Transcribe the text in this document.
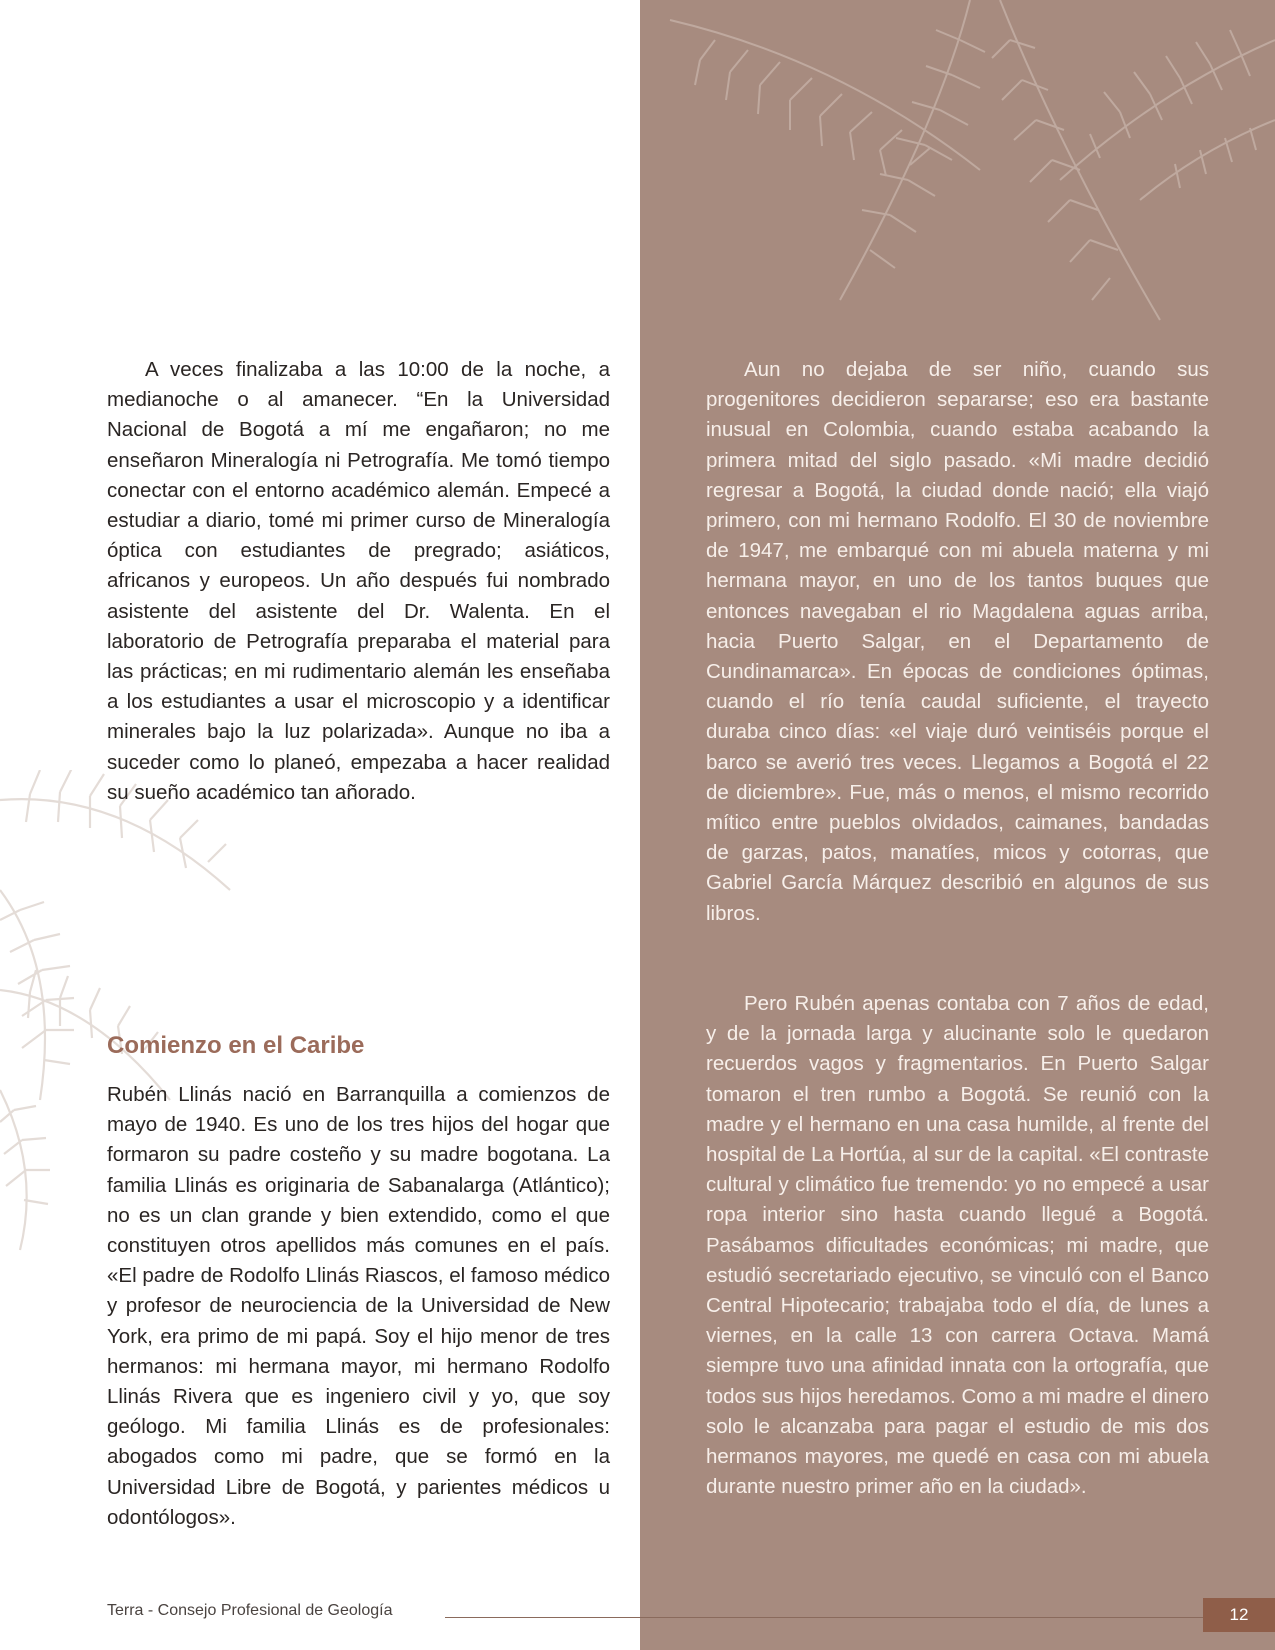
A veces finalizaba a las 10:00 de la noche, a medianoche o al amanecer. “En la Universidad Nacional de Bogotá a mí me engañaron; no me enseñaron Mineralogía ni Petrografía. Me tomó tiempo conectar con el entorno académico alemán. Empecé a estudiar a diario, tomé mi primer curso de Mineralogía óptica con estudiantes de pregrado; asiáticos, africanos y europeos. Un año después fui nombrado asistente del asistente del Dr. Walenta. En el laboratorio de Petrografía preparaba el material para las prácticas; en mi rudimentario alemán les enseñaba a los estudiantes a usar el microscopio y a identificar minerales bajo la luz polarizada». Aunque no iba a suceder como lo planeó, empezaba a hacer realidad su sueño académico tan añorado.

Comienzo en el Caribe

Rubén Llinás nació en Barranquilla a comienzos de mayo de 1940. Es uno de los tres hijos del hogar que formaron su padre costeño y su madre bogotana. La familia Llinás es originaria de Sabanalarga (Atlántico); no es un clan grande y bien extendido, como el que constituyen otros apellidos más comunes en el país. «El padre de Rodolfo Llinás Riascos, el famoso médico y profesor de neurociencia de la Universidad de New York, era primo de mi papá. Soy el hijo menor de tres hermanos: mi hermana mayor, mi hermano Rodolfo Llinás Rivera que es ingeniero civil y yo, que soy geólogo. Mi familia Llinás es de profesionales: abogados como mi padre, que se formó en la Universidad Libre de Bogotá, y parientes médicos u odontólogos».

Aun no dejaba de ser niño, cuando sus progenitores decidieron separarse; eso era bastante inusual en Colombia, cuando estaba acabando la primera mitad del siglo pasado. «Mi madre decidió regresar a Bogotá, la ciudad donde nació; ella viajó primero, con mi hermano Rodolfo. El 30 de noviembre de 1947, me embarqué con mi abuela materna y mi hermana mayor, en uno de los tantos buques que entonces navegaban el rio Magdalena aguas arriba, hacia Puerto Salgar, en el Departamento de Cundinamarca». En épocas de condiciones óptimas, cuando el río tenía caudal suficiente, el trayecto duraba cinco días: «el viaje duró veintiséis porque el barco se averió tres veces. Llegamos a Bogotá el 22 de diciembre». Fue, más o menos, el mismo recorrido mítico entre pueblos olvidados, caimanes, bandadas de garzas, patos, manatíes, micos y cotorras, que Gabriel García Márquez describió en algunos de sus libros.

Pero Rubén apenas contaba con 7 años de edad, y de la jornada larga y alucinante solo le quedaron recuerdos vagos y fragmentarios. En Puerto Salgar tomaron el tren rumbo a Bogotá. Se reunió con la madre y el hermano en una casa humilde, al frente del hospital de La Hortúa, al sur de la capital. «El contraste cultural y climático fue tremendo: yo no empecé a usar ropa interior sino hasta cuando llegué a Bogotá. Pasábamos dificultades económicas; mi madre, que estudió secretariado ejecutivo, se vinculó con el Banco Central Hipotecario; trabajaba todo el día, de lunes a viernes, en la calle 13 con carrera Octava. Mamá siempre tuvo una afinidad innata con la ortografía, que todos sus hijos heredamos. Como a mi madre el dinero solo le alcanzaba para pagar el estudio de mis dos hermanos mayores, me quedé en casa con mi abuela durante nuestro primer año en la ciudad».

Terra - Consejo Profesional de Geología	12
